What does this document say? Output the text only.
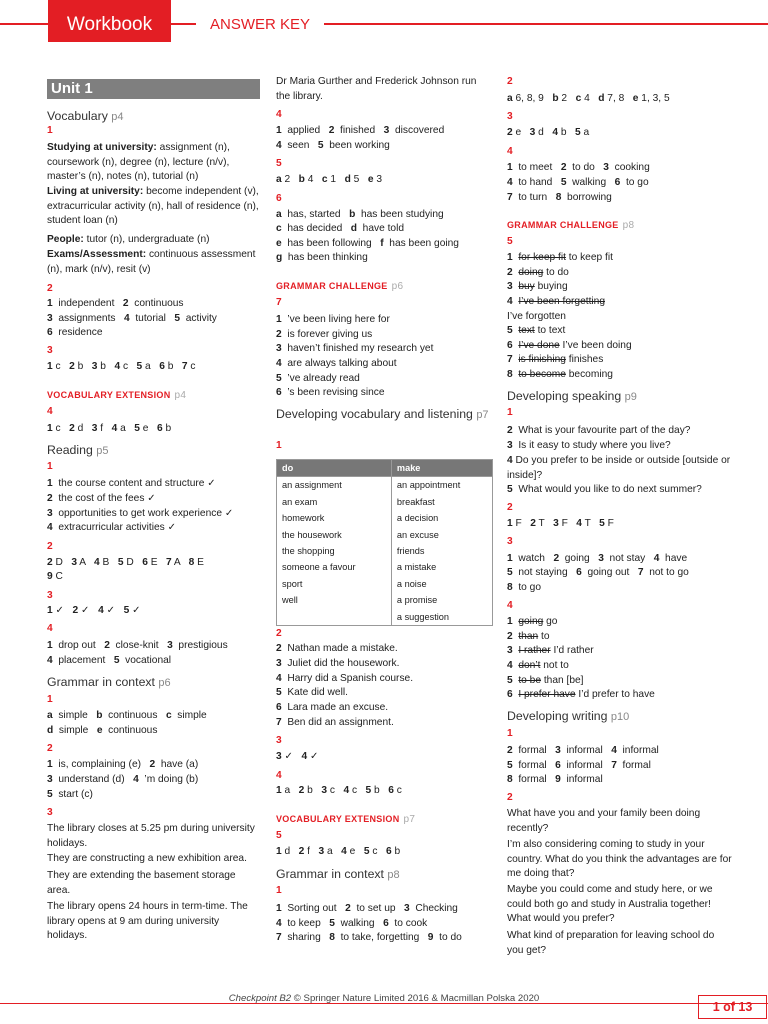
Workbook	ANSWER KEY
Unit 1
Vocabulary p4
1
Studying at university: assignment (n), coursework (n), degree (n), lecture (n/v), master’s (n), notes (n), tutorial (n)
Living at university: become independent (v), extracurricular activity (n), hall of residence (n), student loan (n)
People: tutor (n), undergraduate (n)
Exams/Assessment: continuous assessment (n), mark (n/v), resit (v)
2
1  independent   2  continuous
3  assignments   4  tutorial   5  activity
6  residence
3
1 c   2 b   3 b   4 c   5 a   6 b   7 c
VOCABULARY EXTENSION p4
4
1 c   2 d   3 f   4 a   5 e   6 b
Reading p5
1
1  the course content and structure ✓
2  the cost of the fees ✓
3  opportunities to get work experience ✓
4  extracurricular activities ✓
2
2 D   3 A   4 B   5 D   6 E   7 A   8 E
9 C
3
1 ✓   2 ✓   4 ✓   5 ✓
4
1  drop out   2  close-knit   3  prestigious
4  placement   5  vocational
Grammar in context p6
1
a  simple   b  continuous   c  simple
d  simple   e  continuous
2
1  is, complaining (e)   2  have (a)
3  understand (d)   4  ’m doing (b)
5  start (c)
3
The library closes at 5.25 pm during university holidays.
They are constructing a new exhibition area.
They are extending the basement storage area.
The library opens 24 hours in term-time. The library opens at 9 am during university holidays.
Dr Maria Gurther and Frederick Johnson run the library.
4
1  applied   2  finished   3  discovered
4  seen   5  been working
5
a 2   b 4   c 1   d 5   e 3
6
a  has, started   b  has been studying
c  has decided   d  have told
e  has been following   f  has been going
g  has been thinking
GRAMMAR CHALLENGE p6
7
1  ’ve been living here for
2  is forever giving us
3  haven’t finished my research yet
4  are always talking about
5  ’ve already read
6  ’s been revising since
Developing vocabulary and listening p7
1
do	make
an assignment	an appointment
an exam	breakfast
homework	a decision
the housework	an excuse
the shopping	friends
someone a favour	a mistake
sport	a noise
well	a promise
	a suggestion
2
2  Nathan made a mistake.
3  Juliet did the housework.
4  Harry did a Spanish course.
5  Kate did well.
6  Lara made an excuse.
7  Ben did an assignment.
3
3 ✓   4 ✓
4
1 a   2 b   3 c   4 c   5 b   6 c
VOCABULARY EXTENSION p7
5
1 d   2 f   3 a   4 e   5 c   6 b
Grammar in context p8
1
1  Sorting out   2  to set up   3  Checking
4  to keep   5  walking   6  to cook
7  sharing   8  to take, forgetting   9  to do
2
a 6, 8, 9   b 2   c 4   d 7, 8   e 1, 3, 5
3
2 e   3 d   4 b   5 a
4
1  to meet   2  to do   3  cooking
4  to hand   5  walking   6  to go
7  to turn   8  borrowing
GRAMMAR CHALLENGE p8
5
1 for keep fit to keep fit
2 doing to do
3 buy buying
4 I’ve been forgetting
I’ve forgotten
5 text to text
6 I’ve done I’ve been doing
7 is finishing finishes
8 to become becoming
Developing speaking p9
1
2  What is your favourite part of the day?
3  Is it easy to study where you live?
4 Do you prefer to be inside or outside [outside or inside]?
5  What would you like to do next summer?
2
1 F   2 T   3 F   4 T   5 F
3
1  watch   2  going   3  not stay   4  have
5  not staying   6  going out   7  not to go
8  to go
4
1 going go
2 than to
3 I rather I’d rather
4 don’t not to
5 to be than [be]
6 I prefer have I’d prefer to have
Developing writing p10
1
2  formal   3  informal   4  informal
5  formal   6  informal   7  formal
8  formal   9  informal
2
What have you and your family been doing recently?
I’m also considering coming to study in your country. What do you think the advantages are for me doing that?
Maybe you could come and study here, or we could both go and study in Australia together! What would you prefer?
What kind of preparation for leaving school do you get?
Checkpoint B2 © Springer Nature Limited 2016 & Macmillan Polska 2020
1 of 13
